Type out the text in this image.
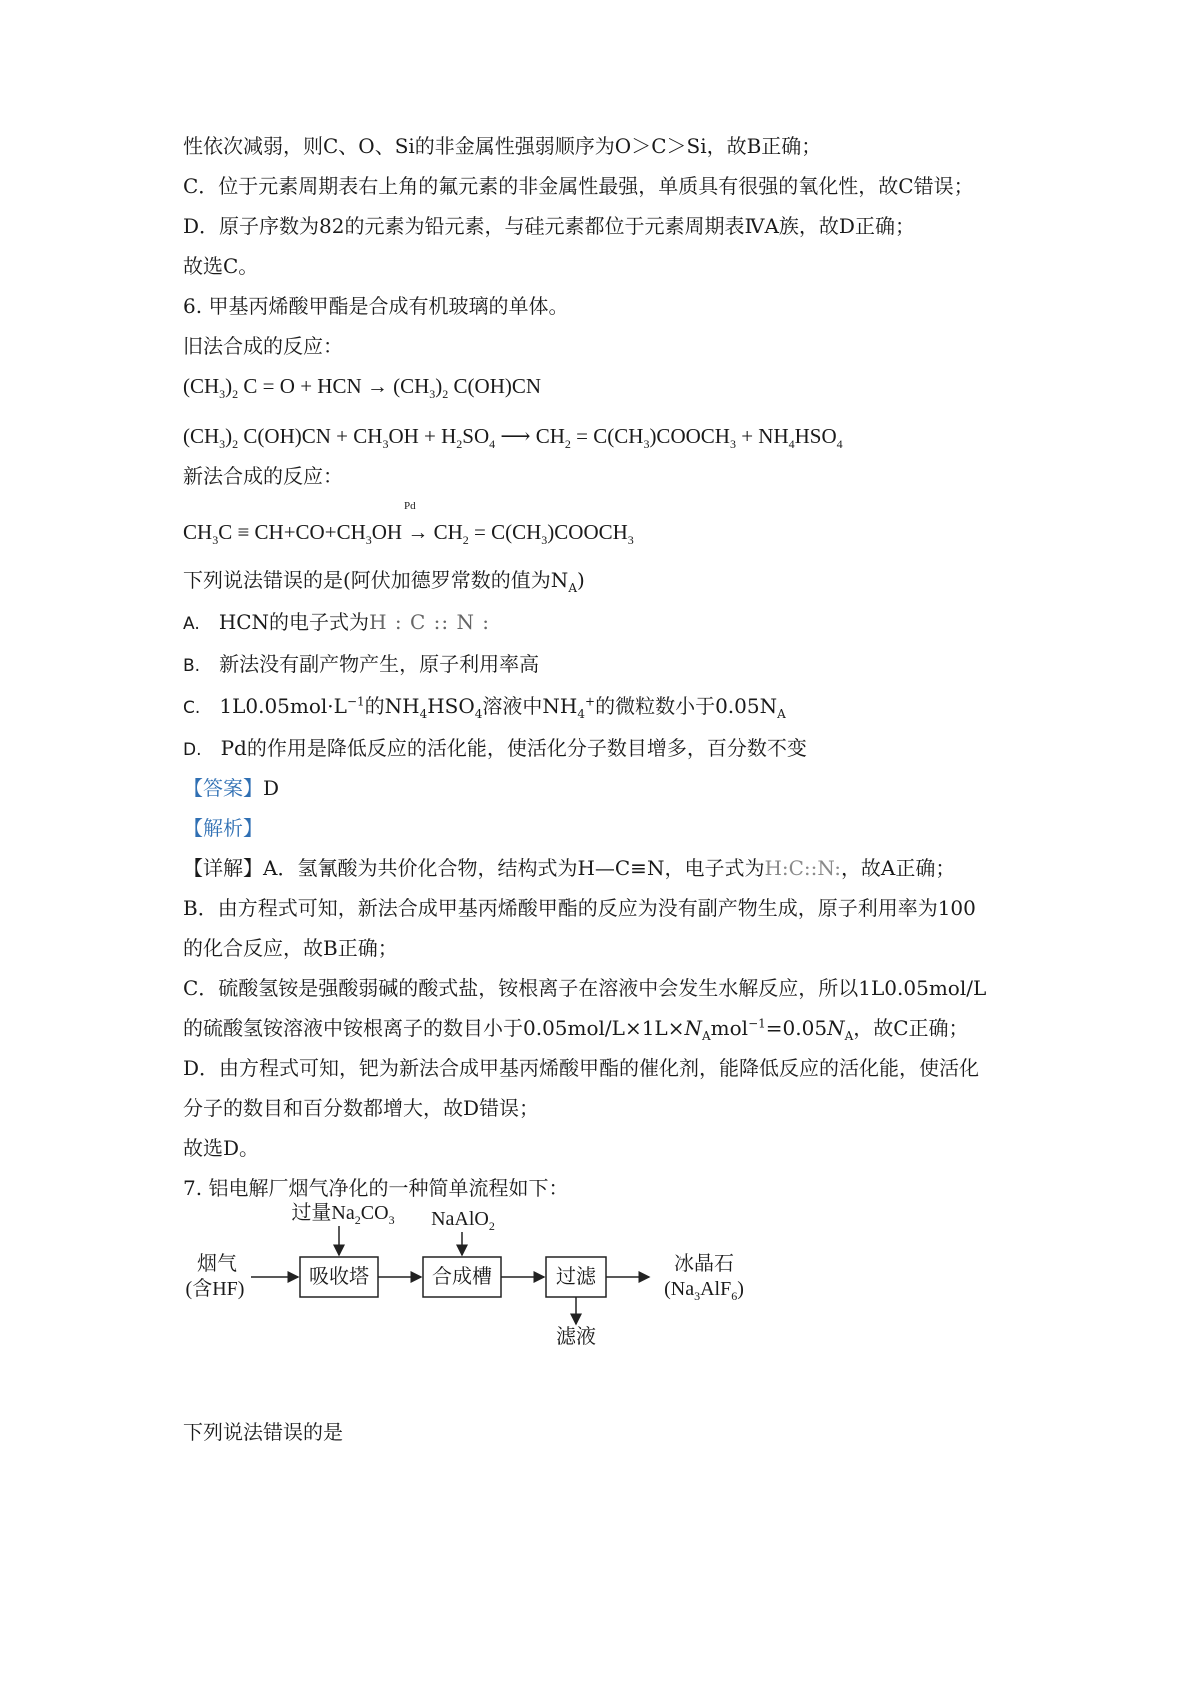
性依次减弱，则C、O、Si的非金属性强弱顺序为O＞C＞Si，故B正确；
C．位于元素周期表右上角的氟元素的非金属性最强，单质具有很强的氧化性，故C错误；
D．原子序数为82的元素为铅元素，与硅元素都位于元素周期表ⅣA族，故D正确；
故选C。
6. 甲基丙烯酸甲酯是合成有机玻璃的单体。
旧法合成的反应：
$(CH_3)_2$ C = O + HCN → $(CH_3)_2$ C(OH)CN
$(CH_3)_2$ $C(OH)CN + CH_3OH + H_2SO_4$ ⟶ $CH_2$ = $C(CH_3)COOCH_3 + NH_4HSO_4$
新法合成的反应：
Pd
$CH_3C \equiv CH+CO+CH_3OH \to CH_2$ = $C(CH_3)COOCH_3$
下列说法错误的是(阿伏加德罗常数的值为$N_A$)
A. HCN的电子式为H : C :: N :
B. 新法没有副产物产生，原子利用率高
C. $1L0.05mol\cdot L^{-1}$的$NH_4HSO_4$溶液中$NH_4^+$的微粒数小于$0.05N_A$
D. Pd的作用是降低反应的活化能，使活化分子数目增多，百分数不变
【答案】D
【解析】
【详解】A．氢氰酸为共价化合物，结构式为H—C≡N，电子式为H:C::N:，故A正确；
B．由方程式可知，新法合成甲基丙烯酸甲酯的反应为没有副产物生成，原子利用率为100
的化合反应，故B正确；
C．硫酸氢铵是强酸弱碱的酸式盐，铵根离子在溶液中会发生水解反应，所以1L0.05mol/L
的硫酸氢铵溶液中铵根离子的数目小于$0.05mol/L\times 1L\times N_Amol^{-1}=0.05N_A$，故C正确；
D．由方程式可知，钯为新法合成甲基丙烯酸甲酯的催化剂，能降低反应的活化能，使活化
分子的数目和百分数都增大，故D错误；
故选D。
7. 铝电解厂烟气净化的一种简单流程如下：
烟气
(含HF)
过量$Na_2CO_3$	NaAlO$_2$
吸收塔	合成槽	过滤
冰晶石
$(Na_3AlF_6)$
滤液
下列说法错误的是
